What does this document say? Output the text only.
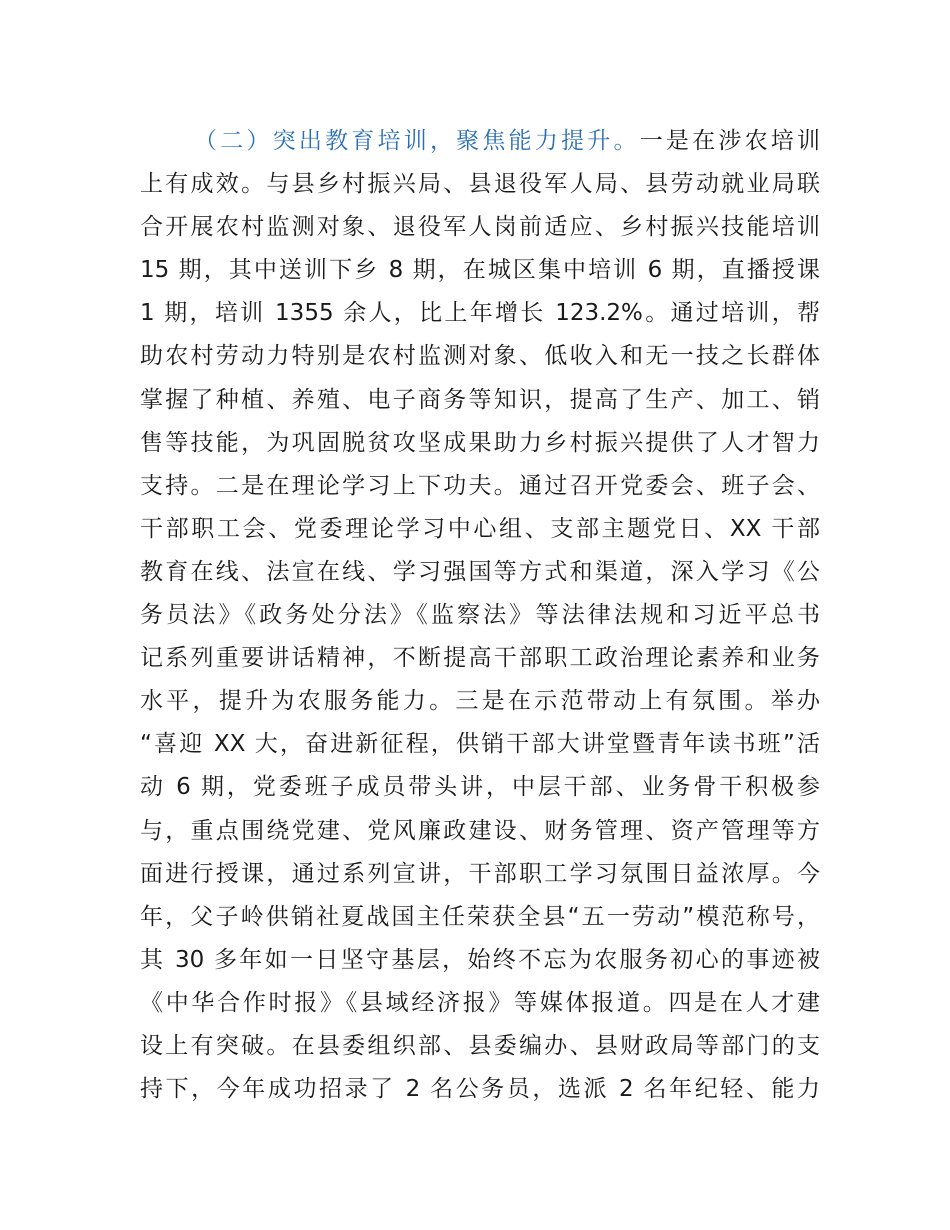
（二）突出教育培训，聚焦能力提升。一是在涉农培训
上有成效。与县乡村振兴局、县退役军人局、县劳动就业局联
合开展农村监测对象、退役军人岗前适应、乡村振兴技能培训
15 期，其中送训下乡 8 期，在城区集中培训 6 期，直播授课
1 期，培训 1355 余人，比上年增长 123.2%。通过培训，帮
助农村劳动力特别是农村监测对象、低收入和无一技之长群体
掌握了种植、养殖、电子商务等知识，提高了生产、加工、销
售等技能，为巩固脱贫攻坚成果助力乡村振兴提供了人才智力
支持。二是在理论学习上下功夫。通过召开党委会、班子会、
干部职工会、党委理论学习中心组、支部主题党日、XX 干部
教育在线、法宣在线、学习强国等方式和渠道，深入学习《公
务员法》《政务处分法》《监察法》等法律法规和习近平总书
记系列重要讲话精神，不断提高干部职工政治理论素养和业务
水平，提升为农服务能力。三是在示范带动上有氛围。举办
“喜迎 XX 大，奋进新征程，供销干部大讲堂暨青年读书班”活
动 6 期，党委班子成员带头讲，中层干部、业务骨干积极参
与，重点围绕党建、党风廉政建设、财务管理、资产管理等方
面进行授课，通过系列宣讲，干部职工学习氛围日益浓厚。今
年，父子岭供销社夏战国主任荣获全县“五一劳动”模范称号，
其 30 多年如一日坚守基层，始终不忘为农服务初心的事迹被
《中华合作时报》《县域经济报》等媒体报道。四是在人才建
设上有突破。在县委组织部、县委编办、县财政局等部门的支
持下，今年成功招录了 2 名公务员，选派 2 名年纪轻、能力
